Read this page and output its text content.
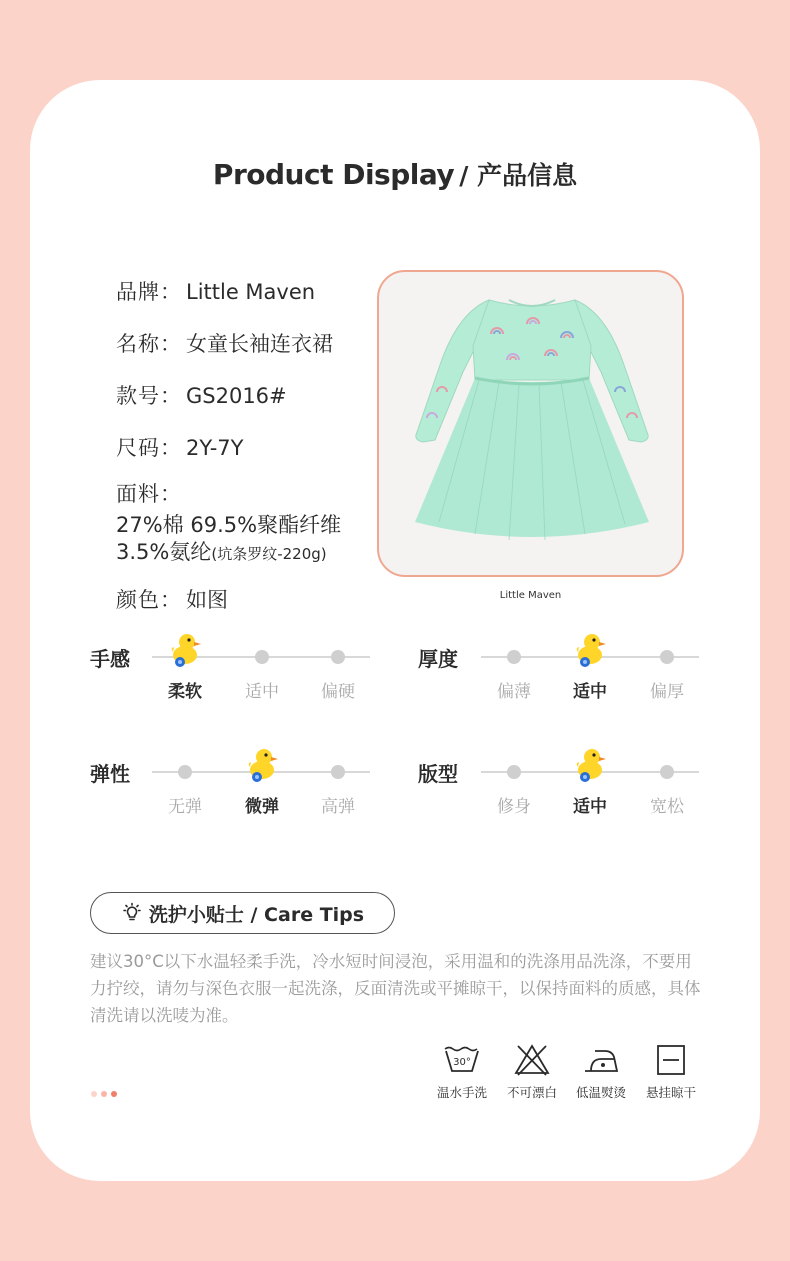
Product Display / 产品信息
品牌： Little Maven
名称： 女童长袖连衣裙
款号： GS2016#
尺码： 2Y-7Y
面料：
27%棉 69.5%聚酯纤维
3.5%氨纶(坑条罗纹-220g)
颜色： 如图	Little Maven
手感
柔软	适中	偏硬
厚度
偏薄	适中	偏厚
弹性
无弹	微弹	高弹
版型
修身	适中	宽松
洗护小贴士 / Care Tips
建议30°C以下水温轻柔手洗，冷水短时间浸泡，采用温和的洗涤用品洗涤，不要用力拧绞，请勿与深色衣服一起洗涤，反面清洗或平摊晾干，以保持面料的质感，具体清洗请以洗唛为准。
30°
温水手洗	不可漂白	低温熨烫	悬挂晾干
